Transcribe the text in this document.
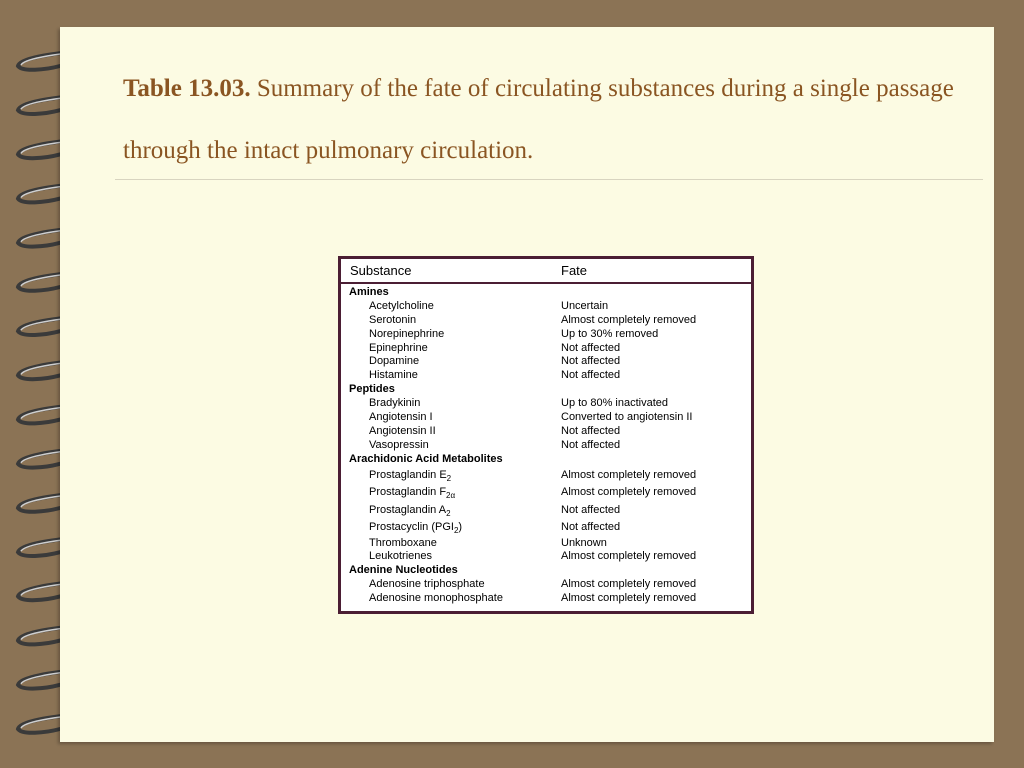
Table 13.03. Summary of the fate of circulating substances during a single passage through the intact pulmonary circulation.
Substance	Fate
Amines
Acetylcholine	Uncertain
Serotonin	Almost completely removed
Norepinephrine	Up to 30% removed
Epinephrine	Not affected
Dopamine	Not affected
Histamine	Not affected
Peptides
Bradykinin	Up to 80% inactivated
Angiotensin I	Converted to angiotensin II
Angiotensin II	Not affected
Vasopressin	Not affected
Arachidonic Acid Metabolites
Prostaglandin $E_2$	Almost completely removed
Prostaglandin $F_{2\alpha}$	Almost completely removed
Prostaglandin $A_2$	Not affected
Prostacyclin $(PGI_2)$	Not affected
Thromboxane	Unknown
Leukotrienes	Almost completely removed
Adenine Nucleotides
Adenosine triphosphate	Almost completely removed
Adenosine monophosphate	Almost completely removed
